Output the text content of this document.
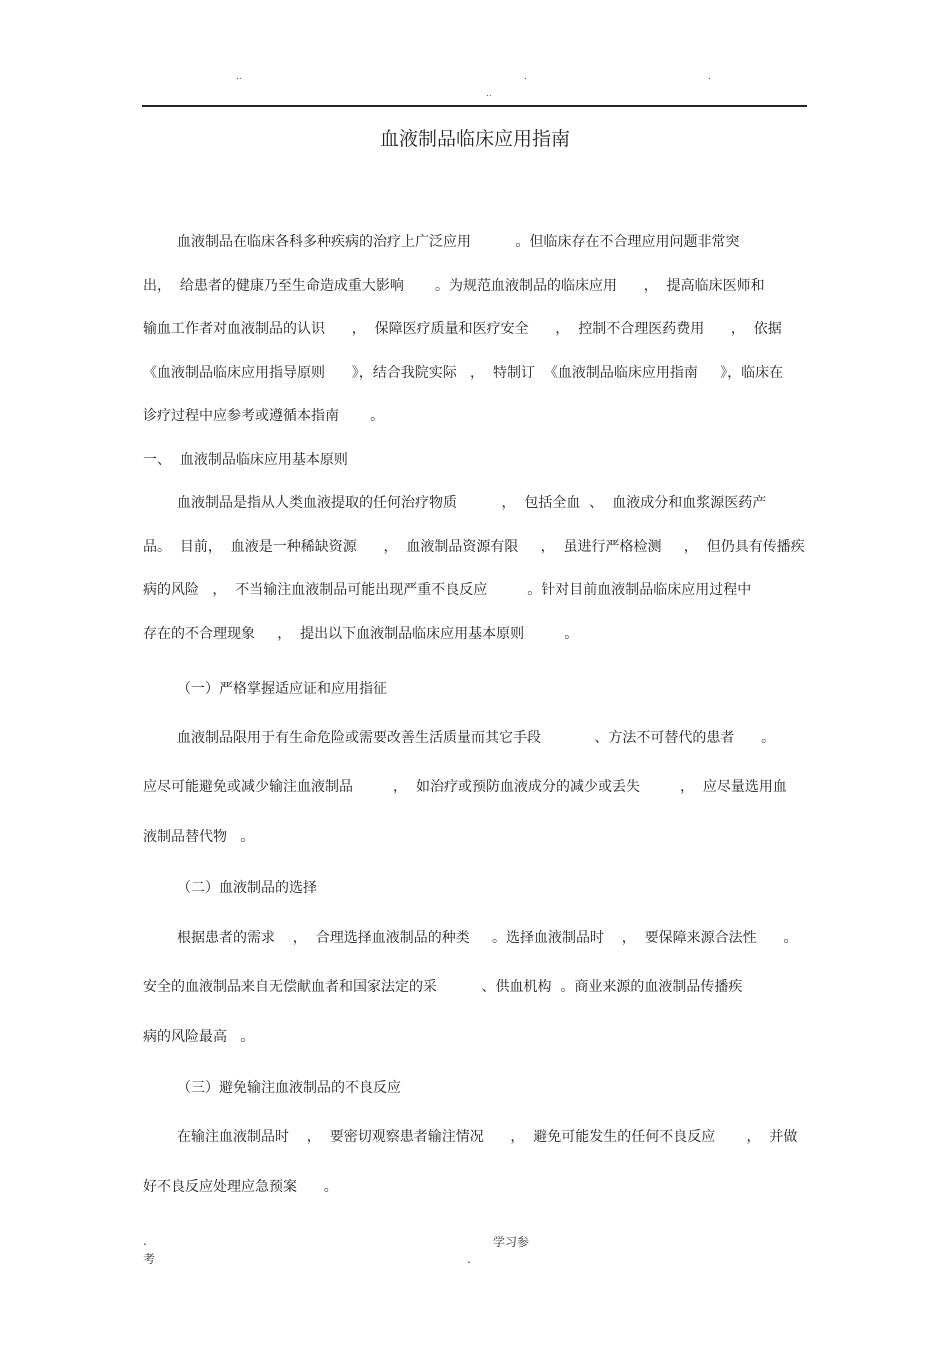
..	.	.
..
血液制品临床应用指南
血液制品在临床各科多种疾病的治疗上广泛应用          。但临床存在不合理应用问题非常突
出，  给患者的健康乃至生命造成重大影响       。为规范血液制品的临床应用      ，  提高临床医师和
输血工作者对血液制品的认识      ，  保障医疗质量和医疗安全      ，  控制不合理医药费用      ，  依据
《血液制品临床应用指导原则      》，结合我院实际   ，  特制订  《血液制品临床应用指南     》，临床在
诊疗过程中应参考或遵循本指南       。
一、  血液制品临床应用基本原则
血液制品是指从人类血液提取的任何治疗物质          ，  包括全血  、  血液成分和血浆源医药产
品。  目前，  血液是一种稀缺资源      ，  血液制品资源有限     ，  虽进行严格检测     ，  但仍具有传播疾
病的风险   ，  不当输注血液制品可能出现严重不良反应         。针对目前血液制品临床应用过程中
存在的不合理现象     ，  提出以下血液制品临床应用基本原则         。
（一）严格掌握适应证和应用指征
血液制品限用于有生命危险或需要改善生活质量而其它手段            、方法不可替代的患者      。
应尽可能避免或减少输注血液制品         ，  如治疗或预防血液成分的减少或丢失         ，  应尽量选用血
液制品替代物   。
（二）血液制品的选择
根据患者的需求    ，  合理选择血液制品的种类     。选择血液制品时    ，  要保障来源合法性      。
安全的血液制品来自无偿献血者和国家法定的采          、供血机构  。商业来源的血液制品传播疾
病的风险最高   。
（三）避免输注血液制品的不良反应
在输注血液制品时    ，  要密切观察患者输注情况      ，  避免可能发生的任何不良反应       ，  并做
好不良反应处理应急预案      。
.
考
学习参
.
